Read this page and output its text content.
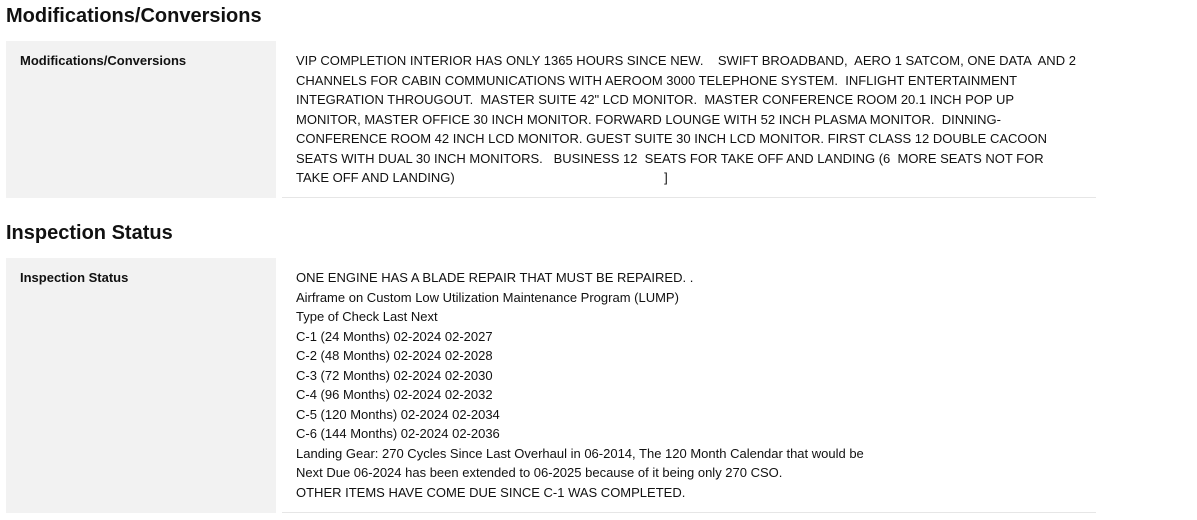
Modifications/Conversions
Modifications/Conversions	VIP COMPLETION INTERIOR HAS ONLY 1365 HOURS SINCE NEW.    SWIFT BROADBAND,  AERO 1 SATCOM, ONE DATA  AND 2
CHANNELS FOR CABIN COMMUNICATIONS WITH AEROOM 3000 TELEPHONE SYSTEM.  INFLIGHT ENTERTAINMENT
INTEGRATION THROUGOUT.  MASTER SUITE 42" LCD MONITOR.  MASTER CONFERENCE ROOM 20.1 INCH POP UP
MONITOR, MASTER OFFICE 30 INCH MONITOR. FORWARD LOUNGE WITH 52 INCH PLASMA MONITOR.  DINNING-
CONFERENCE ROOM 42 INCH LCD MONITOR. GUEST SUITE 30 INCH LCD MONITOR. FIRST CLASS 12 DOUBLE CACOON
SEATS WITH DUAL 30 INCH MONITORS.   BUSINESS 12  SEATS FOR TAKE OFF AND LANDING (6  MORE SEATS NOT FOR
TAKE OFF AND LANDING)                                                          ]
Inspection Status
Inspection Status	ONE ENGINE HAS A BLADE REPAIR THAT MUST BE REPAIRED. .
Airframe on Custom Low Utilization Maintenance Program (LUMP)
Type of Check Last Next
C-1 (24 Months) 02-2024 02-2027
C-2 (48 Months) 02-2024 02-2028
C-3 (72 Months) 02-2024 02-2030
C-4 (96 Months) 02-2024 02-2032
C-5 (120 Months) 02-2024 02-2034
C-6 (144 Months) 02-2024 02-2036
Landing Gear: 270 Cycles Since Last Overhaul in 06-2014, The 120 Month Calendar that would be
Next Due 06-2024 has been extended to 06-2025 because of it being only 270 CSO.
OTHER ITEMS HAVE COME DUE SINCE C-1 WAS COMPLETED.
